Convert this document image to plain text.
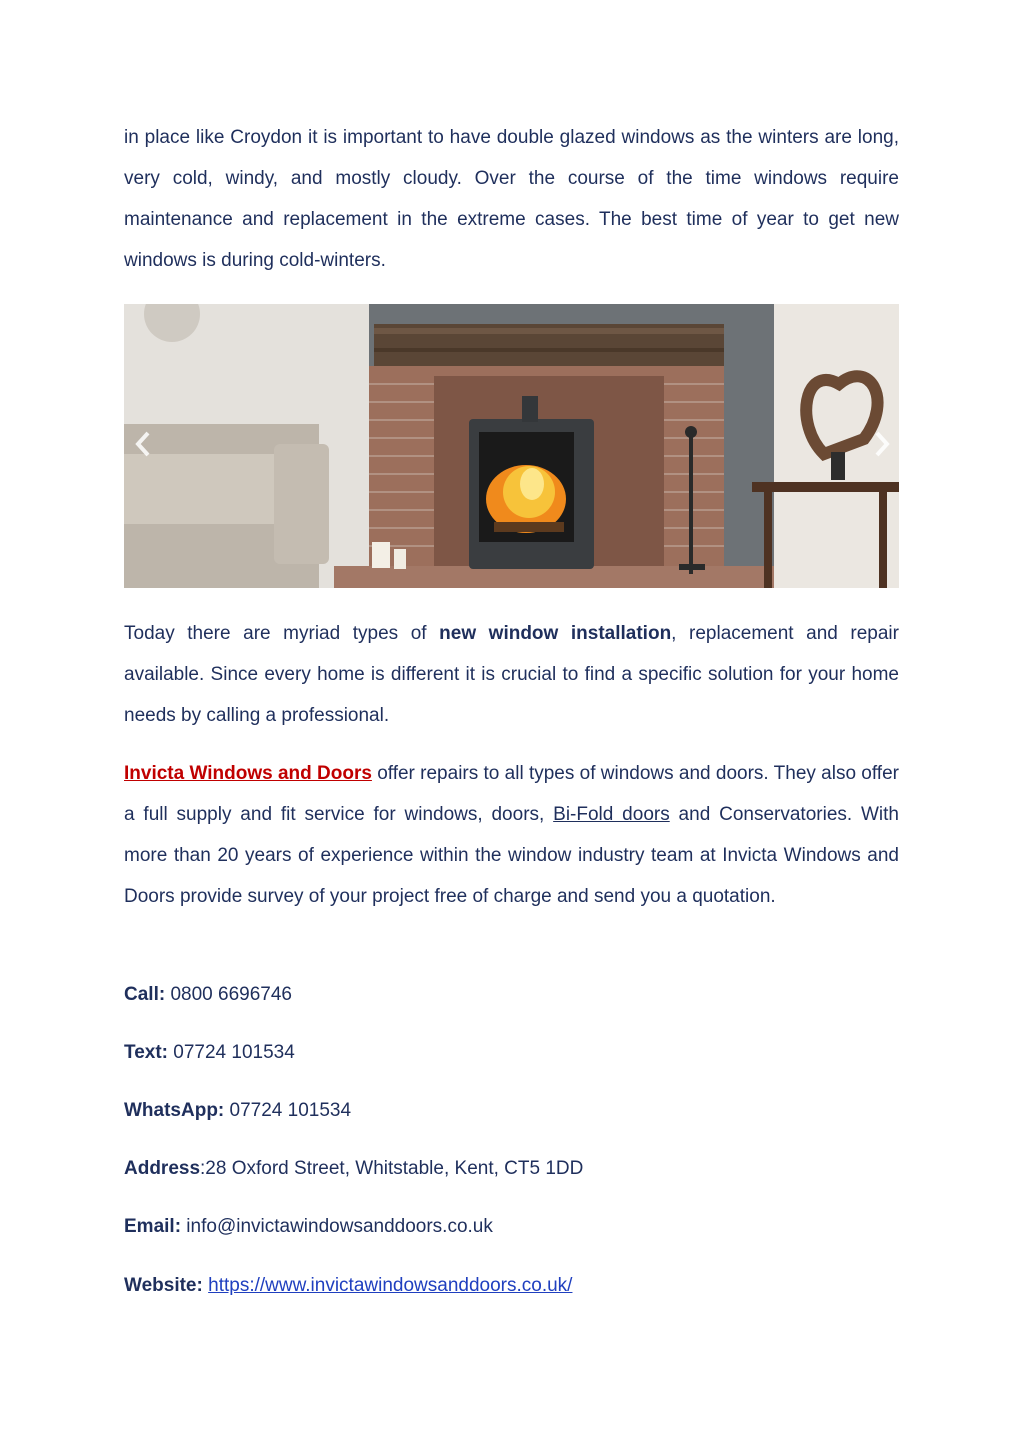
in place like Croydon it is important to have double glazed windows as the winters are long, very cold, windy, and mostly cloudy. Over the course of the time windows require maintenance and replacement in the extreme cases. The best time of year to get new windows is during cold-winters.

Today there are myriad types of new window installation, replacement and repair available. Since every home is different it is crucial to find a specific solution for your home needs by calling a professional.

Invicta Windows and Doors offer repairs to all types of windows and doors. They also offer a full supply and fit service for windows, doors, Bi-Fold doors and Conservatories. With more than 20 years of experience within the window industry team at Invicta Windows and Doors provide survey of your project free of charge and send you a quotation.

Call: 0800 6696746

Text: 07724 101534

WhatsApp: 07724 101534

Address:28 Oxford Street, Whitstable, Kent, CT5 1DD

Email: info@invictawindowsanddoors.co.uk

Website: https://www.invictawindowsanddoors.co.uk/
